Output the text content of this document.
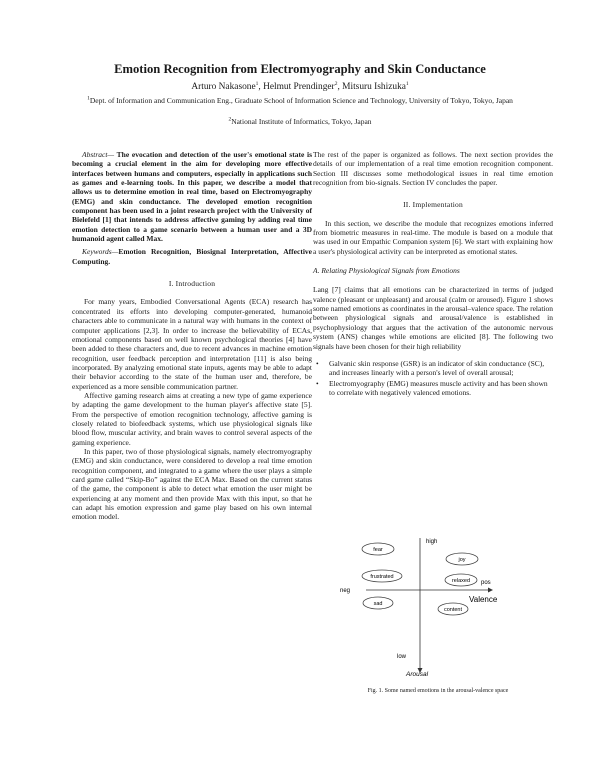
Emotion Recognition from Electromyography and Skin Conductance
Arturo Nakasone$^1$, Helmut Prendinger$^2$, Mitsuru Ishizuka$^1$
$^1$Dept. of Information and Communication Eng., Graduate School of Information Science and Technology, University of Tokyo, Tokyo, Japan
$^2$National Institute of Informatics, Tokyo, Japan

Abstract— The evocation and detection of the user's emotional state is becoming a crucial element in the aim for developing more effective interfaces between humans and computers, especially in applications such as games and e-learning tools. In this paper, we describe a model that allows us to determine emotion in real time, based on Electromyography (EMG) and skin conductance. The developed emotion recognition component has been used in a joint research project with the University of Bielefeld [1] that intends to address affective gaming by adding real time emotion detection to a game scenario between a human user and a 3D humanoid agent called Max.

Keywords—Emotion Recognition, Biosignal Interpretation, Affective Computing.

I. Introduction

For many years, Embodied Conversational Agents (ECA) research has concentrated its efforts into developing computer-generated, humanoid characters able to communicate in a natural way with humans in the context of computer applications [2,3]. In order to increase the believability of ECAs, emotional components based on well known psychological theories [4] have been added to these characters and, due to recent advances in machine emotion recognition, user feedback perception and interpretation [11] is also being incorporated. By analyzing emotional state inputs, agents may be able to adapt their behavior according to the state of the human user and, therefore, be experienced as a more sensible communication partner.

Affective gaming research aims at creating a new type of game experience by adapting the game development to the human player's affective state [5]. From the perspective of emotion recognition technology, affective gaming is closely related to biofeedback systems, which use physiological signals like blood flow, muscular activity, and brain waves to control several aspects of the gaming experience.

In this paper, two of those physiological signals, namely electromyography (EMG) and skin conductance, were considered to develop a real time emotion recognition component, and integrated to a game where the user plays a simple card game called “Skip-Bo” against the ECA Max. Based on the current status of the game, the component is able to detect what emotion the user might be experiencing at any moment and then provide Max with this input, so that he can adapt his emotion expression and game play based on his own internal emotion model.

The rest of the paper is organized as follows. The next section provides the details of our implementation of a real time emotion recognition component. Section III discusses some methodological issues in real time emotion recognition from bio-signals. Section IV concludes the paper.

II. Implementation

In this section, we describe the module that recognizes emotions inferred from biometric measures in real-time. The module is based on a module that was used in our Empathic Companion system [6]. We start with explaining how a user's physiological activity can be interpreted as emotional states.

A. Relating Physiological Signals from Emotions

Lang [7] claims that all emotions can be characterized in terms of judged valence (pleasant or unpleasant) and arousal (calm or aroused). Figure 1 shows some named emotions as coordinates in the arousal–valence space. The relation between physiological signals and arousal/valence is established in psychophysiology that argues that the activation of the autonomic nervous system (ANS) changes while emotions are elicited [8]. The following two signals have been chosen for their high reliability

• Galvanic skin response (GSR) is an indicator of skin conductance (SC), and increases linearly with a person's level of overall arousal;
• Electromyography (EMG) measures muscle activity and has been shown to correlate with negatively valenced emotions.
high
low
neg
pos
Valence
Arousal
fear
joy
frustrated
relaxed
sad
content
Fig. 1. Some named emotions in the arousal-valence space
